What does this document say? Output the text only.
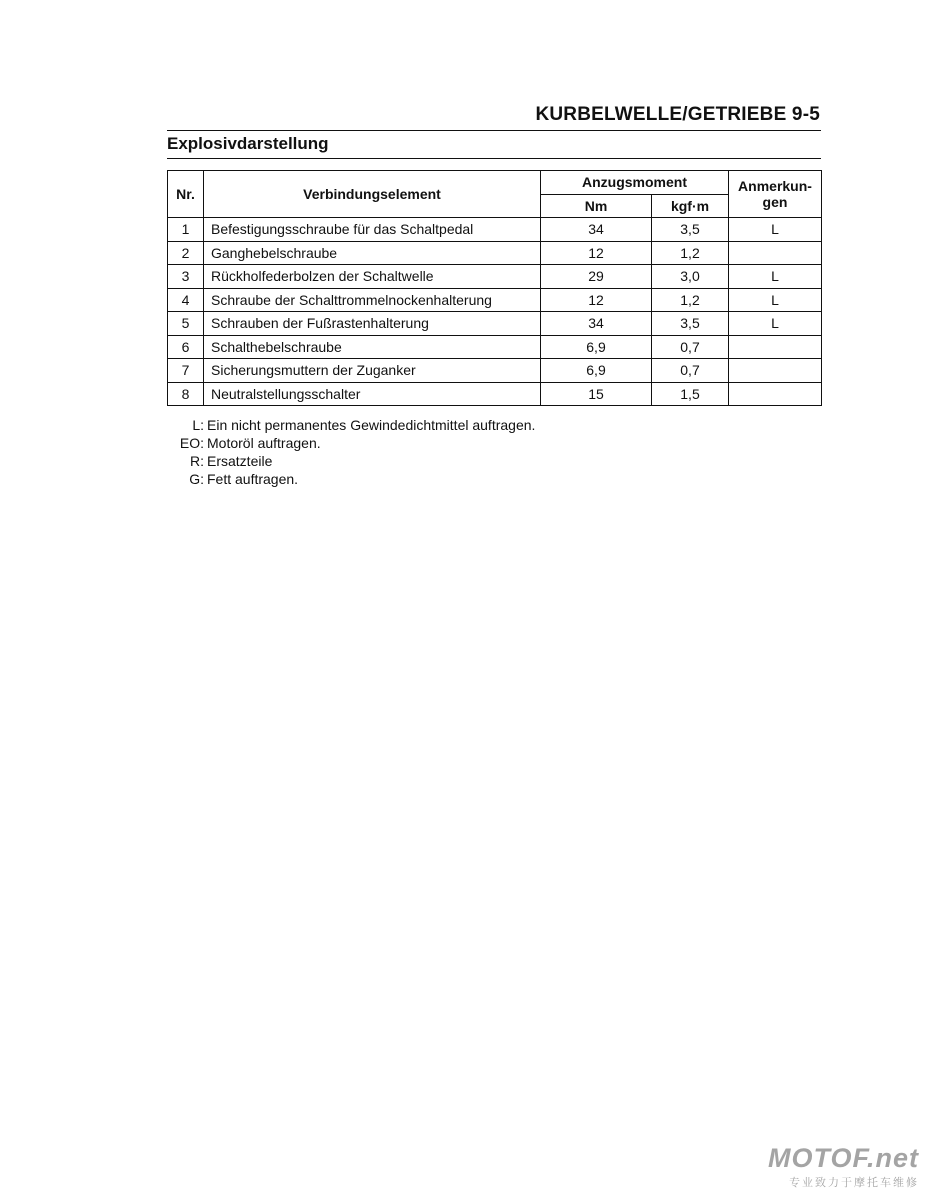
KURBELWELLE/GETRIEBE 9-5
Explosivdarstellung
Nr.	Verbindungselement	Anzugsmoment		Anmerkun-
gen
		Nm	kgf·m	
1	Befestigungsschraube für das Schaltpedal	34	3,5	L
2	Ganghebelschraube	12	1,2	
3	Rückholfederbolzen der Schaltwelle	29	3,0	L
4	Schraube der Schalttrommelnockenhalterung	12	1,2	L
5	Schrauben der Fußrastenhalterung	34	3,5	L
6	Schalthebelschraube	6,9	0,7	
7	Sicherungsmuttern der Zuganker	6,9	0,7	
8	Neutralstellungsschalter	15	1,5	
L: Ein nicht permanentes Gewindedichtmittel auftragen.
EO: Motoröl auftragen.
R: Ersatzteile
G: Fett auftragen.
MOTOF.net
专业致力于摩托车维修
